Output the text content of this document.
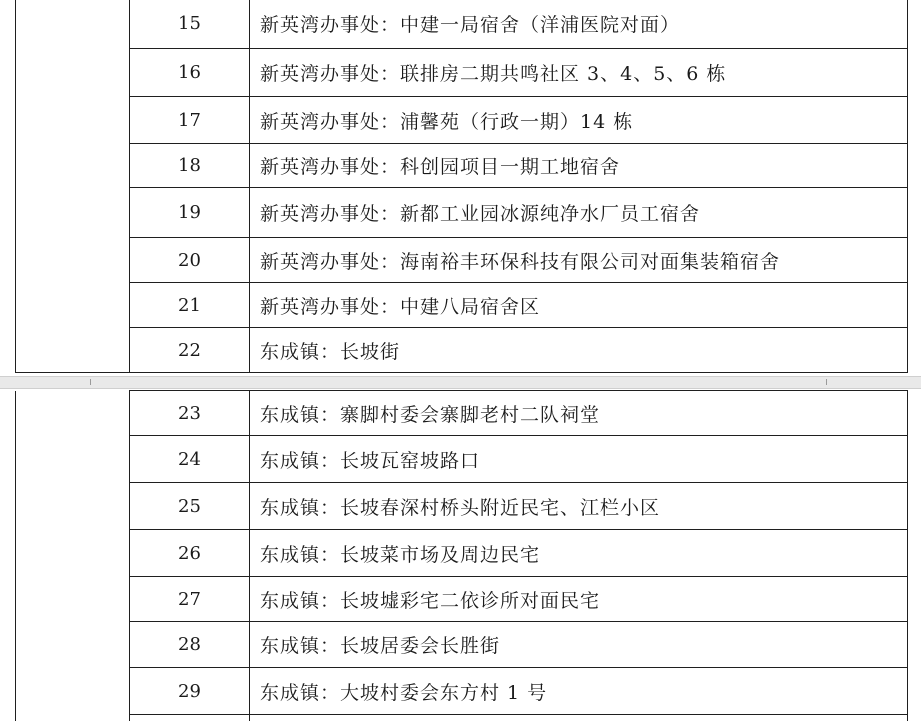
	15	新英湾办事处：中建一局宿舍（洋浦医院对面）
	16	新英湾办事处：联排房二期共鸣社区 3、4、5、6 栋
	17	新英湾办事处：浦馨苑（行政一期）14 栋
	18	新英湾办事处：科创园项目一期工地宿舍
	19	新英湾办事处：新都工业园冰源纯净水厂员工宿舍
	20	新英湾办事处：海南裕丰环保科技有限公司对面集装箱宿舍
	21	新英湾办事处：中建八局宿舍区
	22	东成镇：长坡街
	23	东成镇：寨脚村委会寨脚老村二队祠堂
	24	东成镇：长坡瓦窑坡路口
	25	东成镇：长坡春深村桥头附近民宅、江栏小区
	26	东成镇：长坡菜市场及周边民宅
	27	东成镇：长坡墟彩宅二依诊所对面民宅
	28	东成镇：长坡居委会长胜街
	29	东成镇：大坡村委会东方村 1 号
